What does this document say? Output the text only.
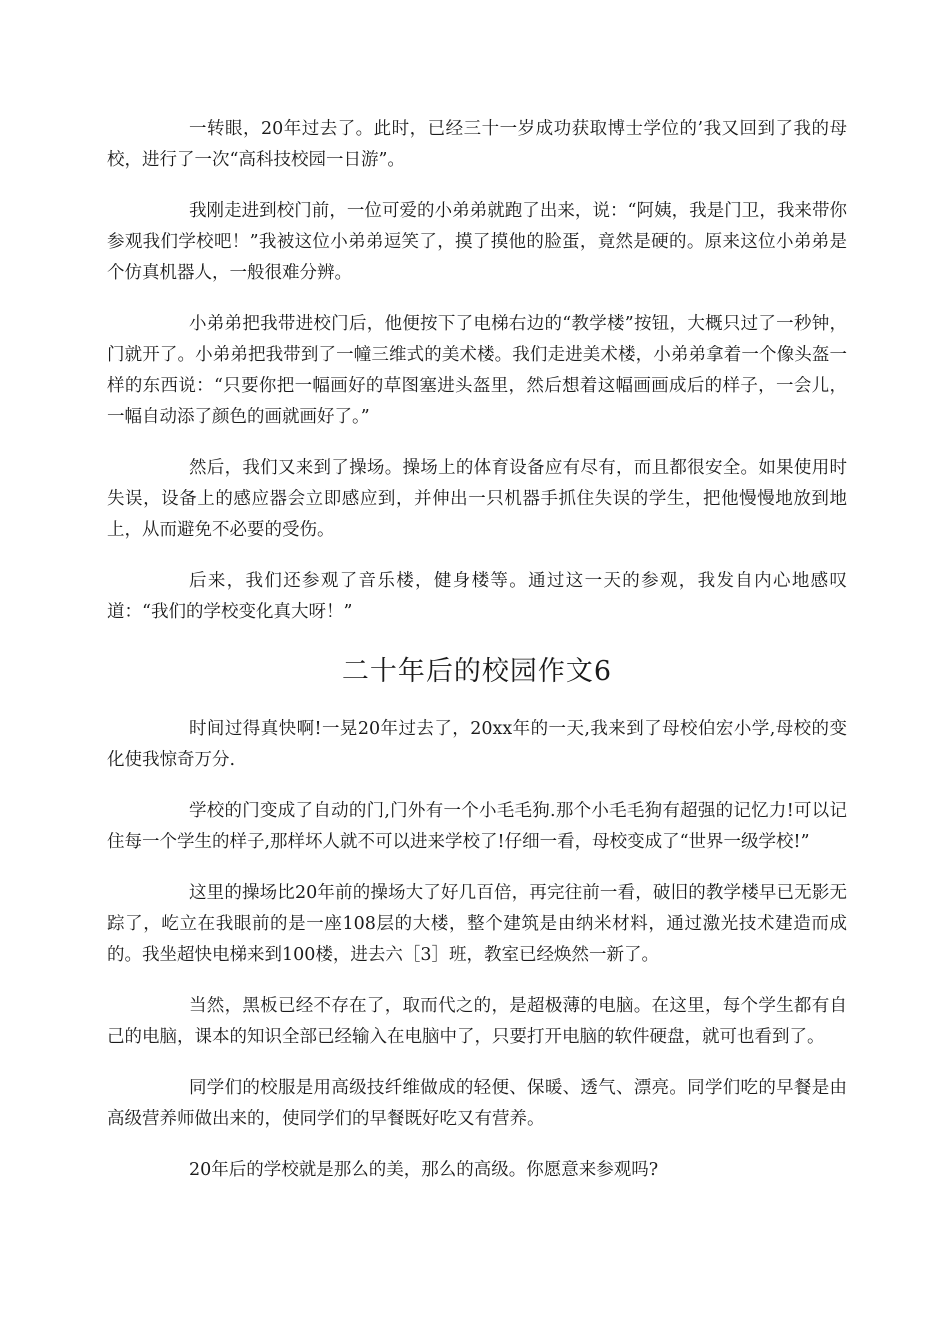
一转眼，20年过去了。此时，已经三十一岁成功获取博士学位的’我又回到了我的母校，进行了一次“高科技校园一日游”。

我刚走进到校门前，一位可爱的小弟弟就跑了出来，说：“阿姨，我是门卫，我来带你参观我们学校吧！”我被这位小弟弟逗笑了，摸了摸他的脸蛋，竟然是硬的。原来这位小弟弟是个仿真机器人，一般很难分辨。

小弟弟把我带进校门后，他便按下了电梯右边的“教学楼”按钮，大概只过了一秒钟，门就开了。小弟弟把我带到了一幢三维式的美术楼。我们走进美术楼，小弟弟拿着一个像头盔一样的东西说：“只要你把一幅画好的草图塞进头盔里，然后想着这幅画画成后的样子，一会儿，一幅自动添了颜色的画就画好了。”

然后，我们又来到了操场。操场上的体育设备应有尽有，而且都很安全。如果使用时失误，设备上的感应器会立即感应到，并伸出一只机器手抓住失误的学生，把他慢慢地放到地上，从而避免不必要的受伤。

后来，我们还参观了音乐楼，健身楼等。通过这一天的参观，我发自内心地感叹道：“我们的学校变化真大呀！”

二十年后的校园作文6

时间过得真快啊!一晃20年过去了，20xx年的一天,我来到了母校伯宏小学,母校的变化使我惊奇万分.

学校的门变成了自动的门,门外有一个小毛毛狗.那个小毛毛狗有超强的记忆力!可以记住每一个学生的样子,那样坏人就不可以进来学校了!仔细一看，母校变成了“世界一级学校!”

这里的操场比20年前的操场大了好几百倍，再完往前一看，破旧的教学楼早已无影无踪了，屹立在我眼前的是一座108层的大楼，整个建筑是由纳米材料，通过激光技术建造而成的。我坐超快电梯来到100楼，进去六［3］班，教室已经焕然一新了。

当然，黑板已经不存在了，取而代之的，是超极薄的电脑。在这里，每个学生都有自己的电脑，课本的知识全部已经输入在电脑中了，只要打开电脑的软件硬盘，就可也看到了。

同学们的校服是用高级技纤维做成的轻便、保暖、透气、漂亮。同学们吃的早餐是由高级营养师做出来的，使同学们的早餐既好吃又有营养。

20年后的学校就是那么的美，那么的高级。你愿意来参观吗?
